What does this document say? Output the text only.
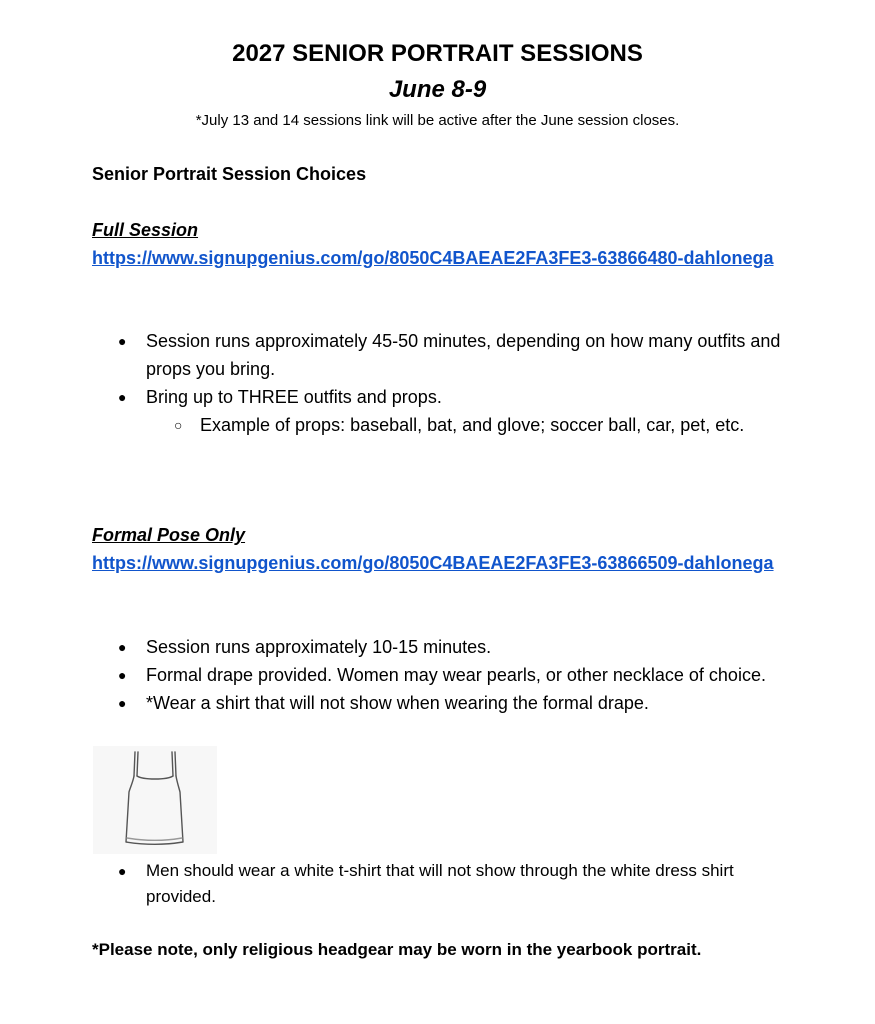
2027 SENIOR PORTRAIT SESSIONS
June 8-9

*July 13 and 14 sessions link will be active after the June session closes.

Senior Portrait Session Choices
Full Session
https://www.signupgenius.com/go/8050C4BAEAE2FA3FE3-63866480-dahlonega
● Session runs approximately 45-50 minutes, depending on how many outfits and props you bring.
● Bring up to THREE outfits and props.
○ Example of props: baseball, bat, and glove; soccer ball, car, pet, etc.
Formal Pose Only
https://www.signupgenius.com/go/8050C4BAEAE2FA3FE3-63866509-dahlonega
● Session runs approximately 10-15 minutes.
● Formal drape provided. Women may wear pearls, or other necklace of choice.
● *Wear a shirt that will not show when wearing the formal drape.
● Men should wear a white t-shirt that will not show through the white dress shirt provided.

*Please note, only religious headgear may be worn in the yearbook portrait.
